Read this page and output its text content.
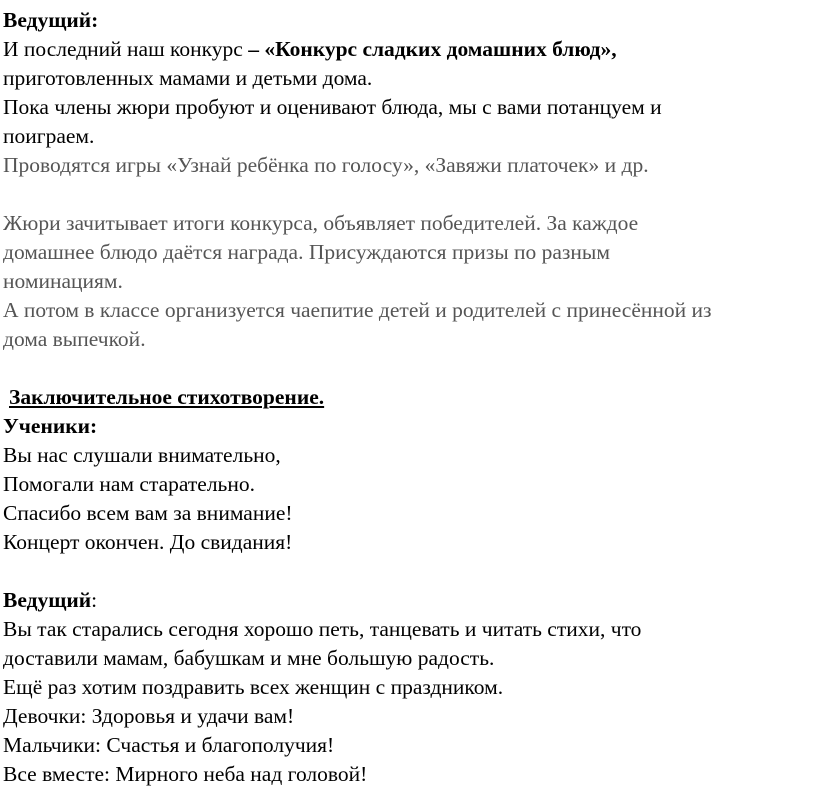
Ведущий:
И последний наш конкурс – «Конкурс сладких домашних блюд»,
приготовленных мамами и детьми дома.
Пока члены жюри пробуют и оценивают блюда, мы с вами потанцуем и
поиграем.
Проводятся игры «Узнай ребёнка по голосу», «Завяжи платочек» и др.
Жюри зачитывает итоги конкурса, объявляет победителей. За каждое
домашнее блюдо даётся награда. Присуждаются призы по разным
номинациям.
А потом в классе организуется чаепитие детей и родителей с принесённой из
дома выпечкой.
Заключительное стихотворение.
Ученики:
Вы нас слушали внимательно,
Помогали нам старательно.
Спасибо всем вам за внимание!
Концерт окончен. До свидания!
Ведущий:
Вы так старались сегодня хорошо петь, танцевать и читать стихи, что
доставили мамам, бабушкам и мне большую радость.
Ещё раз хотим поздравить всех женщин с праздником.
Девочки: Здоровья и удачи вам!
Мальчики: Счастья и благополучия!
Все вместе: Мирного неба над головой!
